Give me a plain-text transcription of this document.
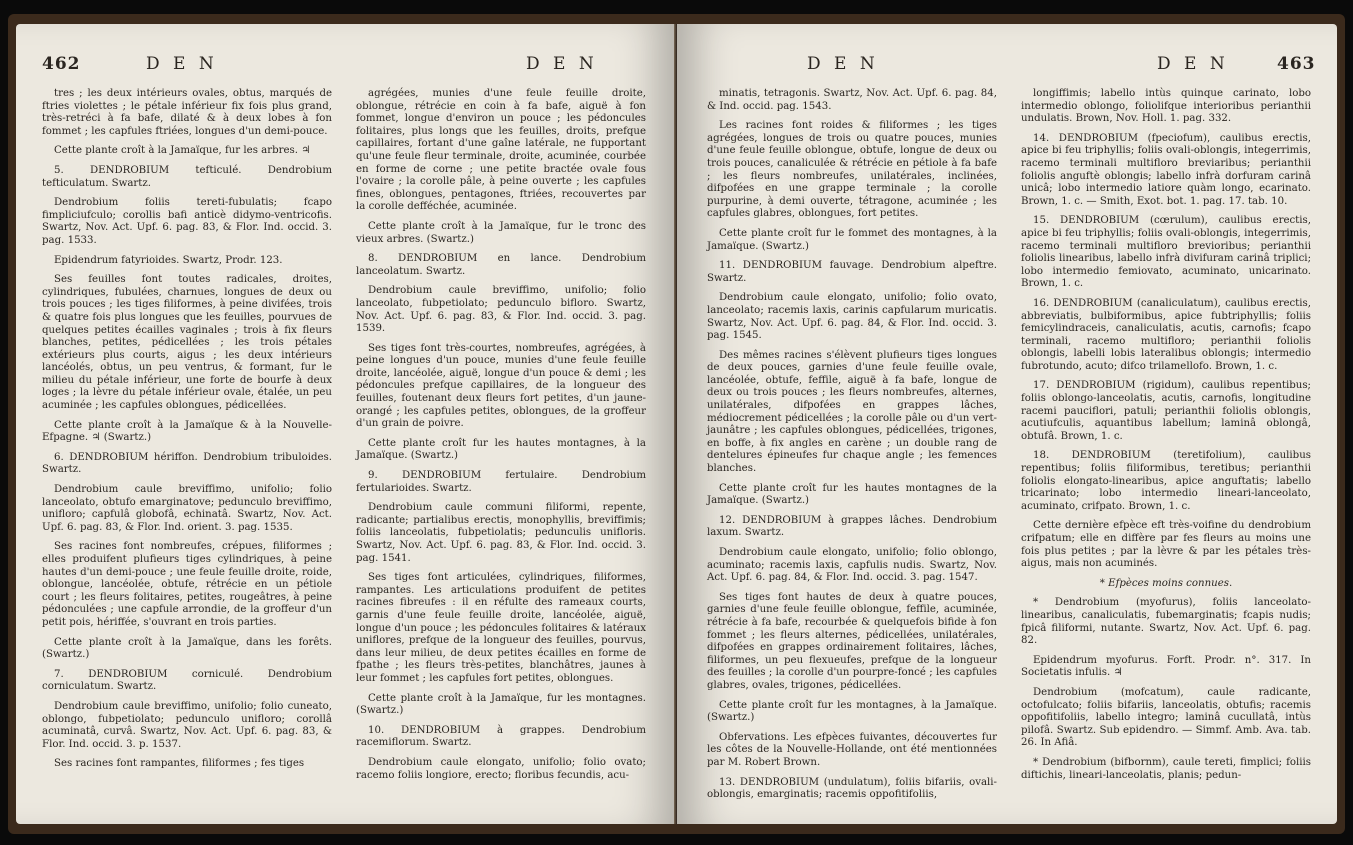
462	D E N	D E N

tres ; les deux intérieurs ovales, obtus, marqués de ftries violettes ; le pétale inférieur fix fois plus grand, très-retréci à fa bafe, dilaté & à deux lobes à fon fommet ; les capfules ftriées, longues d'un demi-pouce.

Cette plante croît à la Jamaïque, fur les arbres. ♃

5. DENDROBIUM tefticulé. Dendrobium tefticulatum. Swartz.

Dendrobium foliis tereti-fubulatis; fcapo fimpliciufculo; corollis bafi anticè didymo-ventricofis. Swartz, Nov. Act. Upf. 6. pag. 83, & Flor. Ind. occid. 3. pag. 1533.

Epidendrum fatyrioides. Swartz, Prodr. 123.

Ses feuilles font toutes radicales, droites, cylindriques, fubulées, charnues, longues de deux ou trois pouces ; les tiges filiformes, à peine divifées, trois & quatre fois plus longues que les feuilles, pourvues de quelques petites écailles vaginales ; trois à fix fleurs blanches, petites, pédicellées ; les trois pétales extérieurs plus courts, aigus ; les deux intérieurs lancéolés, obtus, un peu ventrus, & formant, fur le milieu du pétale inférieur, une forte de bourfe à deux loges ; la lèvre du pétale inférieur ovale, étalée, un peu acuminée ; les capfules oblongues, pédicellées.

Cette plante croît à la Jamaïque & à la Nouvelle-Efpagne. ♃ (Swartz.)

6. DENDROBIUM hériffon. Dendrobium tribuloides. Swartz.

Dendrobium caule breviffimo, unifolio; folio lanceolato, obtufo emarginatove; pedunculo breviffimo, unifloro; capfulâ globofâ, echinatâ. Swartz, Nov. Act. Upf. 6. pag. 83, & Flor. Ind. orient. 3. pag. 1535.

Ses racines font nombreufes, crépues, filiformes ; elles produifent plufieurs tiges cylindriques, à peine hautes d'un demi-pouce ; une feule feuille droite, roide, oblongue, lancéolée, obtufe, rétrécie en un pétiole court ; les fleurs folitaires, petites, rougeâtres, à peine pédonculées ; une capfule arrondie, de la groffeur d'un petit pois, hériffée, s'ouvrant en trois parties.

Cette plante croît à la Jamaïque, dans les forêts. (Swartz.)

7. DENDROBIUM corniculé. Dendrobium corniculatum. Swartz.

Dendrobium caule breviffimo, unifolio; folio cuneato, oblongo, fubpetiolato; pedunculo unifloro; corollâ acuminatâ, curvâ. Swartz, Nov. Act. Upf. 6. pag. 83, & Flor. Ind. occid. 3. p. 1537.

Ses racines font rampantes, filiformes ; fes tiges

agrégées, munies d'une feule feuille droite, oblongue, rétrécie en coin à fa bafe, aiguë à fon fommet, longue d'environ un pouce ; les pédoncules folitaires, plus longs que les feuilles, droits, prefque capillaires, fortant d'une gaîne latérale, ne fupportant qu'une feule fleur terminale, droite, acuminée, courbée en forme de corne ; une petite bractée ovale fous l'ovaire ; la corolle pâle, à peine ouverte ; les capfules fines, oblongues, pentagones, ftriées, recouvertes par la corolle defféchée, acuminée.

Cette plante croît à la Jamaïque, fur le tronc des vieux arbres. (Swartz.)

8. DENDROBIUM en lance. Dendrobium lanceolatum. Swartz.

Dendrobium caule breviffimo, unifolio; folio lanceolato, fubpetiolato; pedunculo bifloro. Swartz, Nov. Act. Upf. 6. pag. 83, & Flor. Ind. occid. 3. pag. 1539.

Ses tiges font très-courtes, nombreufes, agrégées, à peine longues d'un pouce, munies d'une feule feuille droite, lancéolée, aiguë, longue d'un pouce & demi ; les pédoncules prefque capillaires, de la longueur des feuilles, foutenant deux fleurs fort petites, d'un jaune-orangé ; les capfules petites, oblongues, de la groffeur d'un grain de poivre.

Cette plante croît fur les hautes montagnes, à la Jamaïque. (Swartz.)

9. DENDROBIUM fertulaire. Dendrobium fertularioides. Swartz.

Dendrobium caule communi filiformi, repente, radicante; partialibus erectis, monophyllis, breviffimis; foliis lanceolatis, fubpetiolatis; pedunculis unifloris. Swartz, Nov. Act. Upf. 6. pag. 83, & Flor. Ind. occid. 3. pag. 1541.

Ses tiges font articulées, cylindriques, filiformes, rampantes. Les articulations produifent de petites racines fibreufes : il en réfulte des rameaux courts, garnis d'une feule feuille droite, lancéolée, aiguë, longue d'un pouce ; les pédoncules folitaires & latéraux uniflores, prefque de la longueur des feuilles, pourvus, dans leur milieu, de deux petites écailles en forme de fpathe ; les fleurs très-petites, blanchâtres, jaunes à leur fommet ; les capfules fort petites, oblongues.

Cette plante croît à la Jamaïque, fur les montagnes. (Swartz.)

10. DENDROBIUM à grappes. Dendrobium racemiflorum. Swartz.

Dendrobium caule elongato, unifolio; folio ovato; racemo foliis longiore, erecto; floribus fecundis, acu-

D E N	D E N	463

minatis, tetragonis. Swartz, Nov. Act. Upf. 6. pag. 84, & Ind. occid. pag. 1543.

Les racines font roides & filiformes ; les tiges agrégées, longues de trois ou quatre pouces, munies d'une feule feuille oblongue, obtufe, longue de deux ou trois pouces, canaliculée & rétrécie en pétiole à fa bafe ; les fleurs nombreufes, unilatérales, inclinées, difpofées en une grappe terminale ; la corolle purpurine, à demi ouverte, tétragone, acuminée ; les capfules glabres, oblongues, fort petites.

Cette plante croît fur le fommet des montagnes, à la Jamaïque. (Swartz.)

11. DENDROBIUM fauvage. Dendrobium alpeftre. Swartz.

Dendrobium caule elongato, unifolio; folio ovato, lanceolato; racemis laxis, carinis capfularum muricatis. Swartz, Nov. Act. Upf. 6. pag. 84, & Flor. Ind. occid. 3. pag. 1545.

Des mêmes racines s'élèvent plufieurs tiges longues de deux pouces, garnies d'une feule feuille ovale, lancéolée, obtufe, feffile, aiguë à fa bafe, longue de deux ou trois pouces ; les fleurs nombreufes, alternes, unilatérales, difpofées en grappes lâches, médiocrement pédicellées ; la corolle pâle ou d'un vert-jaunâtre ; les capfules oblongues, pédicellées, trigones, en boffe, à fix angles en carène ; un double rang de dentelures épineufes fur chaque angle ; les femences blanches.

Cette plante croît fur les hautes montagnes de la Jamaïque. (Swartz.)

12. DENDROBIUM à grappes lâches. Dendrobium laxum. Swartz.

Dendrobium caule elongato, unifolio; folio oblongo, acuminato; racemis laxis, capfulis nudis. Swartz, Nov. Act. Upf. 6. pag. 84, & Flor. Ind. occid. 3. pag. 1547.

Ses tiges font hautes de deux à quatre pouces, garnies d'une feule feuille oblongue, feffile, acuminée, rétrécie à fa bafe, recourbée & quelquefois bifide à fon fommet ; les fleurs alternes, pédicellées, unilatérales, difpofées en grappes ordinairement folitaires, lâches, filiformes, un peu flexueufes, prefque de la longueur des feuilles ; la corolle d'un pourpre-foncé ; les capfules glabres, ovales, trigones, pédicellées.

Cette plante croît fur les montagnes, à la Jamaïque. (Swartz.)

Obfervations. Les efpèces fuivantes, découvertes fur les côtes de la Nouvelle-Hollande, ont été mentionnées par M. Robert Brown.

13. DENDROBIUM (undulatum), foliis bifariis, ovali-oblongis, emarginatis; racemis oppofitifoliis,

longiffimis; labello intùs quinque carinato, lobo intermedio oblongo, foliolifque interioribus perianthii undulatis. Brown, Nov. Holl. 1. pag. 332.

14. DENDROBIUM (fpeciofum), caulibus erectis, apice bi feu triphyllis; foliis ovali-oblongis, integerrimis, racemo terminali multifloro breviaribus; perianthii foliolis anguftè oblongis; labello infrà dorfuram carinâ unicâ; lobo intermedio latiore quàm longo, ecarinato. Brown, 1. c. — Smith, Exot. bot. 1. pag. 17. tab. 10.

15. DENDROBIUM (cœrulum), caulibus erectis, apice bi feu triphyllis; foliis ovali-oblongis, integerrimis, racemo terminali multifloro brevioribus; perianthii foliolis linearibus, labello infrà divifuram carinâ triplici; lobo intermedio femiovato, acuminato, unicarinato. Brown, 1. c.

16. DENDROBIUM (canaliculatum), caulibus erectis, abbreviatis, bulbiformibus, apice fubtriphyllis; foliis femicylindraceis, canaliculatis, acutis, carnofis; fcapo terminali, racemo multifloro; perianthii foliolis oblongis, labelli lobis lateralibus oblongis; intermedio fubrotundo, acuto; difco trilamellofo. Brown, 1. c.

17. DENDROBIUM (rigidum), caulibus repentibus; foliis oblongo-lanceolatis, acutis, carnofis, longitudine racemi pauciflori, patuli; perianthii foliolis oblongis, acutiufculis, aquantibus labellum; laminâ oblongâ, obtufâ. Brown, 1. c.

18. DENDROBIUM (teretifolium), caulibus repentibus; foliis filiformibus, teretibus; perianthii foliolis elongato-linearibus, apice anguftatis; labello tricarinato; lobo intermedio lineari-lanceolato, acuminato, crifpato. Brown, 1. c.

Cette dernière efpèce eft très-voifine du dendrobium crifpatum; elle en diffère par fes fleurs au moins une fois plus petites ; par la lèvre & par les pétales très-aigus, mais non acuminés.

* Efpèces moins connues.

* Dendrobium (myofurus), foliis lanceolato-linearibus, canaliculatis, fubemarginatis; fcapis nudis; fpicâ filiformi, nutante. Swartz, Nov. Act. Upf. 6. pag. 82.

Epidendrum myofurus. Forft. Prodr. n°. 317. In Societatis infulis. ♃

Dendrobium (mofcatum), caule radicante, octofulcato; foliis bifariis, lanceolatis, obtufis; racemis oppofitifoliis, labello integro; laminâ cucullatâ, intùs pilofâ. Swartz. Sub epidendro. — Simmf. Amb. Ava. tab. 26. In Afiâ.

* Dendrobium (bifbornm), caule tereti, fimplici; foliis diftichis, lineari-lanceolatis, planis; pedun-
